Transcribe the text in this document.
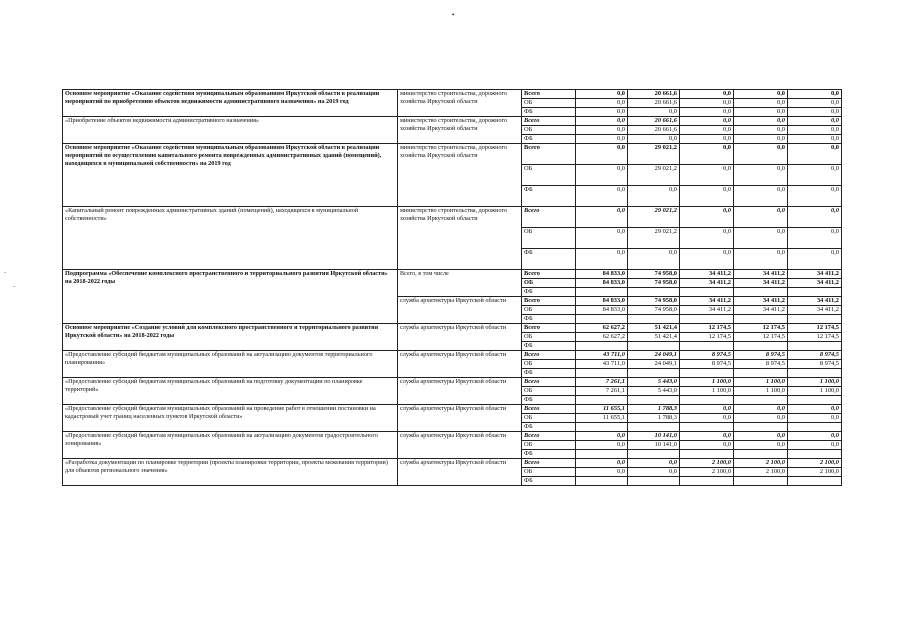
•
-
-
Основное мероприятие «Оказание содействия муниципальным образованиям Иркутской области в реализации мероприятий по приобретению объектов недвижимости административного назначения» на 2019 год	министерство строительства, дорожного хозяйства Иркутской области	Всего	0,0	20 661,6	0,0	0,0	0,0
		ОБ	0,0	20 661,6	0,0	0,0	0,0
		ФБ	0,0	0,0	0,0	0,0	0,0
«Приобретение объектов недвижимости административного назначения»	министерство строительства, дорожного хозяйства Иркутской области	Всего	0,0	20 661,6	0,0	0,0	0,0
		ОБ	0,0	20 661,6	0,0	0,0	0,0
		ФБ	0,0	0,0	0,0	0,0	0,0
Основное мероприятие «Оказание содействия муниципальным образованиям Иркутской области в реализации мероприятий по осуществлению капитального ремонта поврежденных административных зданий (помещений), находящихся в муниципальной собственности» на 2019 год	министерство строительства, дорожного хозяйства Иркутской области	Всего	0,0	29 021,2	0,0	0,0	0,0
		ОБ	0,0	29 021,2	0,0	0,0	0,0
		ФБ	0,0	0,0	0,0	0,0	0,0
«Капитальный ремонт поврежденных административных зданий (помещений), находящихся в муниципальной собственности»	министерство строительства, дорожного хозяйства Иркутской области	Всего	0,0	29 021,2	0,0	0,0	0,0
		ОБ	0,0	29 021,2	0,0	0,0	0,0
		ФБ	0,0	0,0	0,0	0,0	0,0
Подпрограмма «Обеспечение комплексного пространственного и территориального развития Иркутской области» на 2018-2022 годы	Всего, в том числе	Всего	84 833,0	74 958,0	34 411,2	34 411,2	34 411,2
		ОБ	84 833,0	74 958,0	34 411,2	34 411,2	34 411,2
		ФБ					
	служба архитектуры Иркутской области	Всего	84 833,0	74 958,0	34 411,2	34 411,2	34 411,2
		ОБ	84 833,0	74 958,0	34 411,2	34 411,2	34 411,2
		ФБ					
Основное мероприятие «Создание условий для комплексного пространственного и территориального развития Иркутской области» на 2018-2022 годы	служба архитектуры Иркутской области	Всего	62 627,2	51 421,4	12 174,5	12 174,5	12 174,5
		ОБ	62 627,2	51 421,4	12 174,5	12 174,5	12 174,5
		ФБ					
«Предоставление субсидий бюджетам муниципальных образований на актуализацию документов территориального планирования»	служба архитектуры Иркутской области	Всего	43 711,0	24 049,1	8 974,5	8 974,5	8 974,5
		ОБ	43 711,0	24 049,1	8 974,5	8 974,5	8 974,5
		ФБ					
«Предоставление субсидий бюджетам муниципальных образований на подготовку документации по планировке территорий»	служба архитектуры Иркутской области	Всего	7 261,1	5 443,0	1 100,0	1 100,0	1 100,0
		ОБ	7 261,1	5 443,0	1 100,0	1 100,0	1 100,0
		ФБ					
«Предоставление субсидий бюджетам муниципальных образований на проведение работ в отношении постановки на кадастровый учет границ населенных пунктов Иркутской области»	служба архитектуры Иркутской области	Всего	11 655,1	1 788,3	0,0	0,0	0,0
		ОБ	11 655,1	1 788,3	0,0	0,0	0,0
		ФБ					
«Предоставление субсидий бюджетам муниципальных образований на актуализацию документов градостроительного зонирования»	служба архитектуры Иркутской области	Всего	0,0	10 141,0	0,0	0,0	0,0
		ОБ	0,0	10 141,0	0,0	0,0	0,0
		ФБ					
«Разработка документации по планировке территории (проекты планировки территории, проекты межевания территории) для объектов регионального значения»	служба архитектуры Иркутской области	Всего	0,0	0,0	2 100,0	2 100,0	2 100,0
		ОБ	0,0	0,0	2 100,0	2 100,0	2 100,0
		ФБ					
